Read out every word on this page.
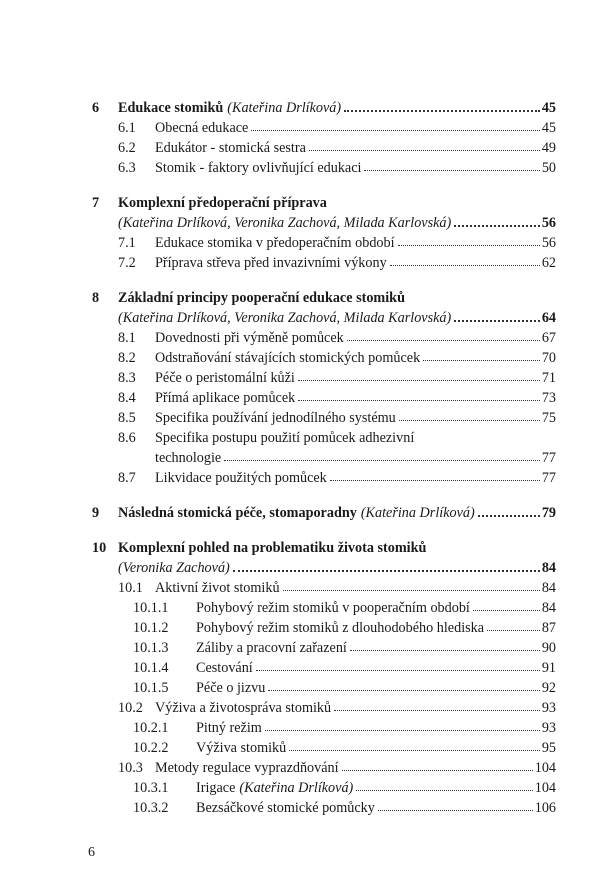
6 Edukace stomiků (Kateřina Drlíková)	45
6.1 Obecná edukace	45
6.2 Edukátor - stomická sestra	49
6.3 Stomik - faktory ovlivňující edukaci	50
7 Komplexní předoperační příprava
(Kateřina Drlíková, Veronika Zachová, Milada Karlovská)	56
7.1 Edukace stomika v předoperačním období	56
7.2 Příprava střeva před invazivními výkony	62
8 Základní principy pooperační edukace stomiků
(Kateřina Drlíková, Veronika Zachová, Milada Karlovská)	64
8.1 Dovednosti při výměně pomůcek	67
8.2 Odstraňování stávajících stomických pomůcek	70
8.3 Péče o peristomální kůži	71
8.4 Přímá aplikace pomůcek	73
8.5 Specifika používání jednodílného systému	75
8.6 Specifika postupu použití pomůcek adhezivní
technologie	77
8.7 Likvidace použitých pomůcek	77
9 Následná stomická péče, stomaporadny (Kateřina Drlíková)	79
10 Komplexní pohled na problematiku života stomiků
(Veronika Zachová)	84
10.1 Aktivní život stomiků	84
10.1.1 Pohybový režim stomiků v pooperačním období	84
10.1.2 Pohybový režim stomiků z dlouhodobého hlediska	87
10.1.3 Záliby a pracovní zařazení	90
10.1.4 Cestování	91
10.1.5 Péče o jizvu	92
10.2 Výživa a životospráva stomiků	93
10.2.1 Pitný režim	93
10.2.2 Výživa stomiků	95
10.3 Metody regulace vyprazdňování	104
10.3.1 Irigace (Kateřina Drlíková)	104
10.3.2 Bezsáčkové stomické pomůcky	106
6
